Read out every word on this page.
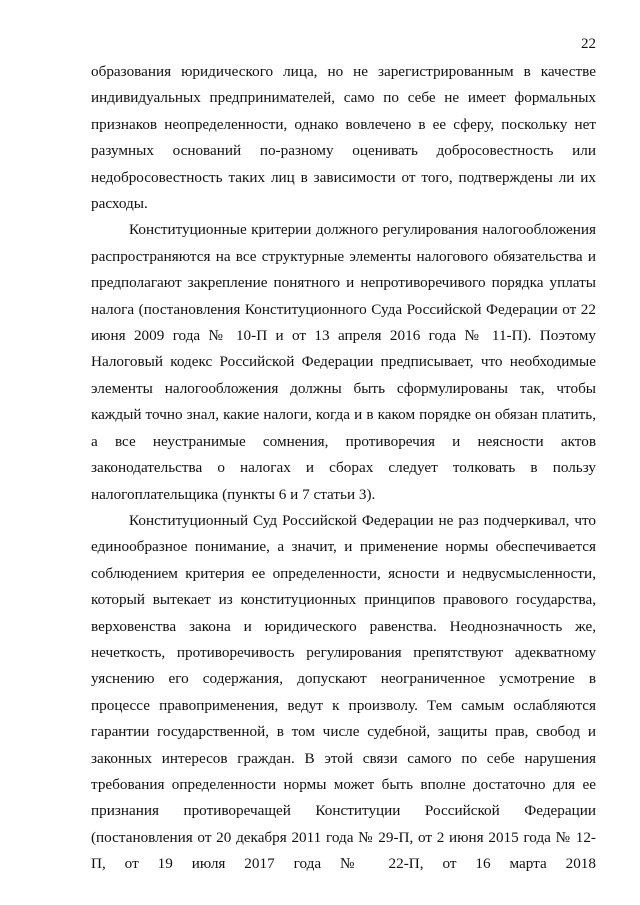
22

образования юридического лица, но не зарегистрированным в качестве индивидуальных предпринимателей, само по себе не имеет формальных признаков неопределенности, однако вовлечено в ее сферу, поскольку нет разумных оснований по-разному оценивать добросовестность или недобросовестность таких лиц в зависимости от того, подтверждены ли их расходы.

Конституционные критерии должного регулирования налогообложения распространяются на все структурные элементы налогового обязательства и предполагают закрепление понятного и непротиворечивого порядка уплаты налога (постановления Конституционного Суда Российской Федерации от 22 июня 2009 года № 10-П и от 13 апреля 2016 года № 11-П). Поэтому Налоговый кодекс Российской Федерации предписывает, что необходимые элементы налогообложения должны быть сформулированы так, чтобы каждый точно знал, какие налоги, когда и в каком порядке он обязан платить, а все неустранимые сомнения, противоречия и неясности актов законодательства о налогах и сборах следует толковать в пользу налогоплательщика (пункты 6 и 7 статьи 3).

Конституционный Суд Российской Федерации не раз подчеркивал, что единообразное понимание, а значит, и применение нормы обеспечивается соблюдением критерия ее определенности, ясности и недвусмысленности, который вытекает из конституционных принципов правового государства, верховенства закона и юридического равенства. Неоднозначность же, нечеткость, противоречивость регулирования препятствуют адекватному уяснению его содержания, допускают неограниченное усмотрение в процессе правоприменения, ведут к произволу. Тем самым ослабляются гарантии государственной, в том числе судебной, защиты прав, свобод и законных интересов граждан. В этой связи самого по себе нарушения требования определенности нормы может быть вполне достаточно для ее признания противоречащей Конституции Российской Федерации (постановления от 20 декабря 2011 года № 29-П, от 2 июня 2015 года № 12-П, от 19 июля 2017 года № 22-П, от 16 марта 2018
